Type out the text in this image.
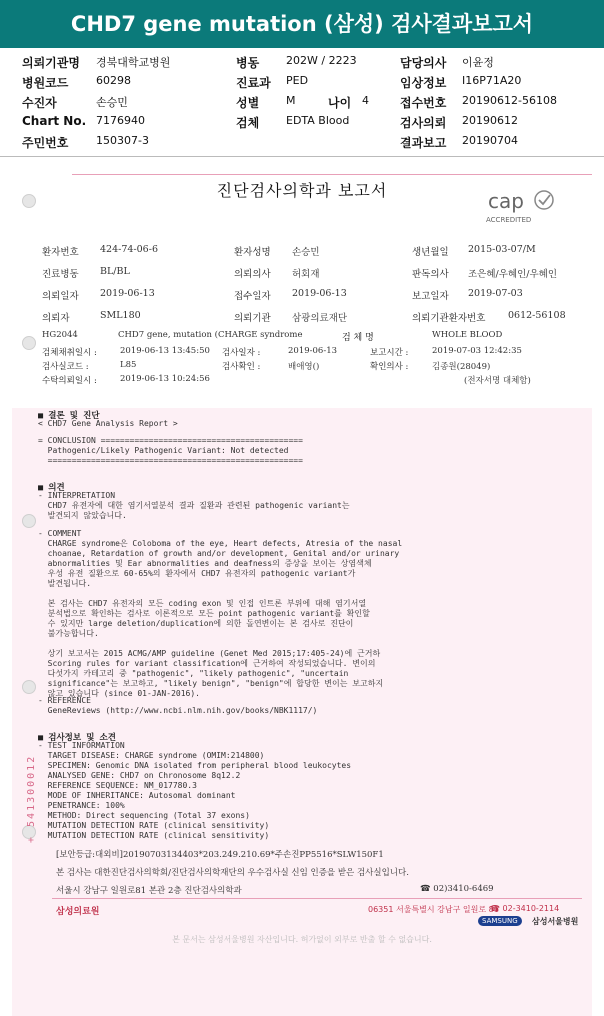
CHD7 gene mutation (삼성) 검사결과보고서
의뢰기관명 경북대학교병원	병동 202W / 2223	담당의사 이윤정
병원코드	60298	진료과 PED	임상정보 I16P71A20
수진자	손승민	성별 M	나이 4	접수번호 20190612-56108
Chart No. 7176940	검체 EDTA Blood	검사의뢰 20190612
주민번호	150307-3	결과보고 20190704
진단검사의학과 보고서	cap
ACCREDITED
환자번호 424-74-06-6	환자성명 손승민	생년월일 2015-03-07/M
진료병동 BL/BL	의뢰의사 허회재	판독의사 조은혜/우혜인/우혜인
의뢰일자 2019-06-13	접수일자 2019-06-13	보고일자 2019-07-03
의뢰자	SML180	의뢰기관 삼광의료재단	의뢰기관환자번호 0612-56108
HG2044	CHD7 gene, mutation (CHARGE syndrome	검 체 명	WHOLE BLOOD
검체채취일시 :	2019-06-13 13:45:50 검사일자 :	2019-06-13	보고시간 :	2019-07-03 12:42:35
검사실코드 :	L85	검사확인 :	배애영()	확인의사 :	김종원(28049)
수탁의뢰일시 :	2019-06-13 10:24:56	(전자서명 대체함)
■ 결론 및 진단
< CHD7 Gene Analysis Report >
= CONCLUSION ==========================================
Pathogenic/Likely Pathogenic Variant: Not detected
=====================================================
■ 의견
- INTERPRETATION
CHD7 유전자에 대한 염기서열분석 결과 질환과 관련된 pathogenic variant는
발견되지 않았습니다.
- COMMENT
CHARGE syndrome은 Coloboma of the eye, Heart defects, Atresia of the nasal
choanae, Retardation of growth and/or development, Genital and/or urinary
abnormalities 및 Ear abnormalities and deafness의 증상을 보이는 상염색체
우성 유전 질환으로 60-65%의 환자에서 CHD7 유전자의 pathogenic variant가
발견됩니다.

본 검사는 CHD7 유전자의 모든 coding exon 및 인접 인트론 부위에 대해 염기서열
분석법으로 확인하는 검사로 이론적으로 모든 point pathogenic variant를 확인할
수 있지만 large deletion/duplication에 의한 돌연변이는 본 검사로 진단이
불가능합니다.

상기 보고서는 2015 ACMG/AMP guideline (Genet Med 2015;17:405-24)에 근거하
Scoring rules for variant classification에 근거하여 작성되었습니다. 변이의
다섯가지 카테고리 중 "pathogenic", "likely pathogenic", "uncertain
significance"는 보고하고, "likely benign", "benign"에 합당한 변이는 보고하지
않고 있습니다 (since 01-JAN-2016).
- REFERENCE
GeneReviews (http://www.ncbi.nlm.nih.gov/books/NBK1117/)
■ 검사정보 및 소견
- TEST INFORMATION
TARGET DISEASE: CHARGE syndrome (OMIM:214800)
SPECIMEN: Genomic DNA isolated from peripheral blood leukocytes
ANALYSED GENE: CHD7 on Chronosome 8q12.2
REFERENCE SEQUENCE: NM_017780.3
MODE OF INHERITANCE: Autosomal dominant
PENETRANCE: 100%
METHOD: Direct sequencing (Total 37 exons)
MUTATION DETECTION RATE (clinical sensitivity)
MUTATION DETECTION RATE (clinical sensitivity)
+ 541300012
[보안등급:대외비]20190703134403*203.249.210.69*주손진PP5516*SLW150F1
본 검사는 대한진단검사의학회/진단검사의학재단의 우수검사실 신임 인증을 받은 검사실입니다.
서울시 강남구 일원로81 본관 2층 진단검사의학과	☎ 02)3410-6469
삼성의료원	06351 서울특별시 강남구 일원로 81
☎ 02-3410-2114
SAMSUNG	삼성서울병원
본 문서는 삼성서울병원 자산입니다. 허가없이 외부로 반출 할 수 없습니다.
